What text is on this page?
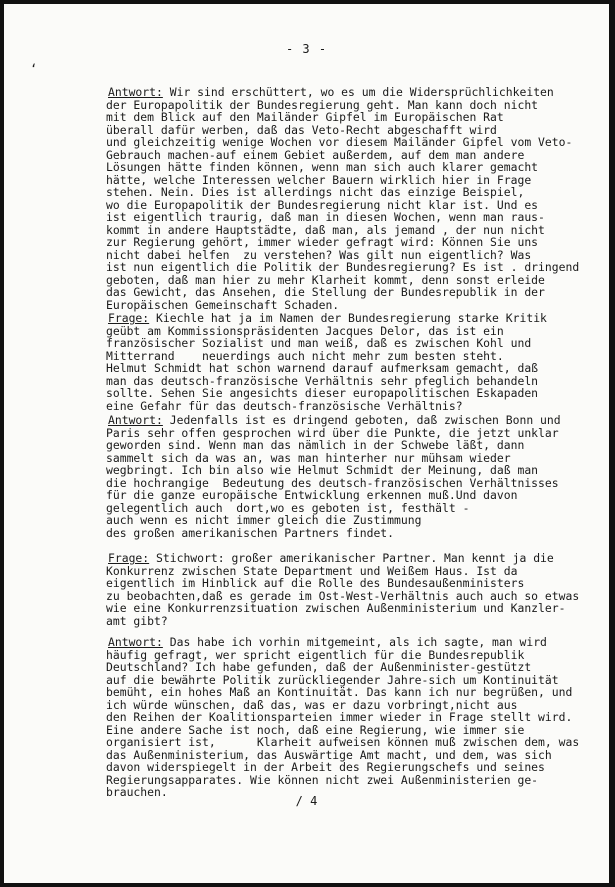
- 3 -
‘
Antwort: Wir sind erschüttert, wo es um die Widersprüchlichkeiten
der Europapolitik der Bundesregierung geht. Man kann doch nicht
mit dem Blick auf den Mailänder Gipfel im Europäischen Rat
überall dafür werben, daß das Veto-Recht abgeschafft wird
und gleichzeitig wenige Wochen vor diesem Mailänder Gipfel vom Veto-
Gebrauch machen-auf einem Gebiet außerdem, auf dem man andere
Lösungen hätte finden können, wenn man sich auch klarer gemacht
hätte, welche Interessen welcher Bauern wirklich hier in Frage
stehen. Nein. Dies ist allerdings nicht das einzige Beispiel,
wo die Europapolitik der Bundesregierung nicht klar ist. Und es
ist eigentlich traurig, daß man in diesen Wochen, wenn man raus-
kommt in andere Hauptstädte, daß man, als jemand , der nun nicht
zur Regierung gehört, immer wieder gefragt wird: Können Sie uns
nicht dabei helfen  zu verstehen? Was gilt nun eigentlich? Was
ist nun eigentlich die Politik der Bundesregierung? Es ist . dringend
geboten, daß man hier zu mehr Klarheit kommt, denn sonst erleide
das Gewicht, das Ansehen, die Stellung der Bundesrepublik in der
Europäischen Gemeinschaft Schaden.
Frage: Kiechle hat ja im Namen der Bundesregierung starke Kritik
geübt am Kommissionspräsidenten Jacques Delor, das ist ein
französischer Sozialist und man weiß, daß es zwischen Kohl und
Mitterrand    neuerdings auch nicht mehr zum besten steht.
Helmut Schmidt hat schon warnend darauf aufmerksam gemacht, daß
man das deutsch-französische Verhältnis sehr pfeglich behandeln
sollte. Sehen Sie angesichts dieser europapolitischen Eskapaden
eine Gefahr für das deutsch-französische Verhältnis?
Antwort: Jedenfalls ist es dringend geboten, daß zwischen Bonn und
Paris sehr offen gesprochen wird über die Punkte, die jetzt unklar
geworden sind. Wenn man das nämlich in der Schwebe läßt, dann
sammelt sich da was an, was man hinterher nur mühsam wieder
wegbringt. Ich bin also wie Helmut Schmidt der Meinung, daß man
die hochrangige  Bedeutung des deutsch-französischen Verhältnisses
für die ganze europäische Entwicklung erkennen muß.Und davon
gelegentlich auch  dort,wo es geboten ist, festhält -
auch wenn es nicht immer gleich die Zustimmung
des großen amerikanischen Partners findet.
Frage: Stichwort: großer amerikanischer Partner. Man kennt ja die
Konkurrenz zwischen State Department und Weißem Haus. Ist da
eigentlich im Hinblick auf die Rolle des Bundesaußenministers
zu beobachten,daß es gerade im Ost-West-Verhältnis auch auch so etwas
wie eine Konkurrenzsituation zwischen Außenministerium und Kanzler-
amt gibt?
Antwort: Das habe ich vorhin mitgemeint, als ich sagte, man wird
häufig gefragt, wer spricht eigentlich für die Bundesrepublik
Deutschland? Ich habe gefunden, daß der Außenminister-gestützt
auf die bewährte Politik zurückliegender Jahre-sich um Kontinuität
bemüht, ein hohes Maß an Kontinuität. Das kann ich nur begrüßen, und
ich würde wünschen, daß das, was er dazu vorbringt,nicht aus
den Reihen der Koalitionsparteien immer wieder in Frage stellt wird.
Eine andere Sache ist noch, daß eine Regierung, wie immer sie
organisiert ist,      Klarheit aufweisen können muß zwischen dem, was
das Außenministerium, das Auswärtige Amt macht, und dem, was sich
davon widerspiegelt in der Arbeit des Regierungschefs und seines
Regierungsapparates. Wie können nicht zwei Außenministerien ge-
brauchen.
/ 4
